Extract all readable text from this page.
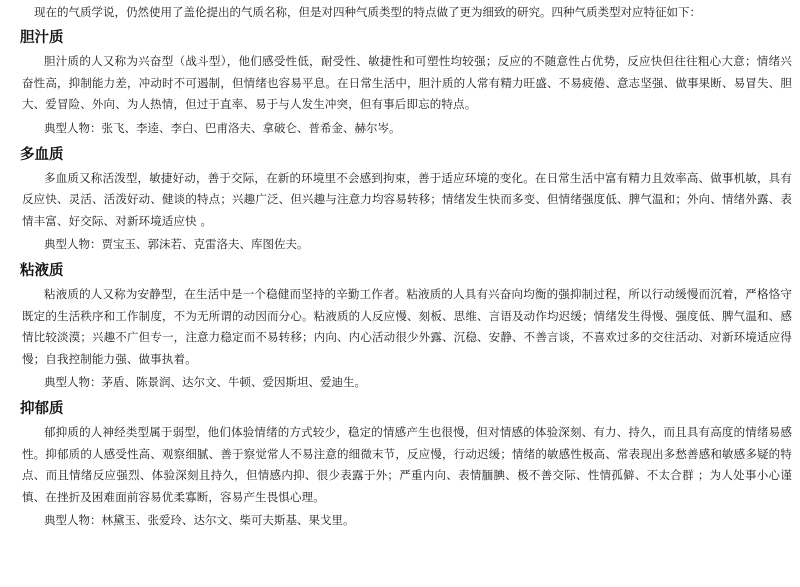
现在的气质学说，仍然使用了盖伦提出的气质名称，但是对四种气质类型的特点做了更为细致的研究。四种气质类型对应特征如下：

胆汁质

胆汁质的人又称为兴奋型（战斗型），他们感受性低，耐受性、敏捷性和可塑性均较强；反应的不随意性占优势，反应快但往往粗心大意；情绪兴奋性高，抑制能力差，冲动时不可遏制，但情绪也容易平息。在日常生活中，胆汁质的人常有精力旺盛、不易疲倦、意志坚强、做事果断、易冒失、胆大、爱冒险、外向、为人热情，但过于直率、易于与人发生冲突，但有事后即忘的特点。

典型人物：张飞、李逵、李白、巴甫洛夫、拿破仑、普希金、赫尔岑。

多血质

多血质又称活泼型，敏捷好动，善于交际，在新的环境里不会感到拘束，善于适应环境的变化。在日常生活中富有精力且效率高、做事机敏，具有反应快、灵活、活泼好动、健谈的特点；兴趣广泛、但兴趣与注意力均容易转移；情绪发生快而多变、但情绪强度低、脾气温和；外向、情绪外露、表情丰富、好交际、对新环境适应快 。

典型人物：贾宝玉、郭沫若、克雷洛夫、库图佐夫。

粘液质

粘液质的人又称为安静型，在生活中是一个稳健而坚持的辛勤工作者。粘液质的人具有兴奋向均衡的强抑制过程，所以行动缓慢而沉着，严格恪守既定的生活秩序和工作制度，不为无所谓的动因而分心。粘液质的人反应慢、刻板、思维、言语及动作均迟缓；情绪发生得慢、强度低、脾气温和、感情比较淡漠；兴趣不广但专一，注意力稳定而不易转移；内向、内心活动很少外露、沉稳、安静、不善言谈，不喜欢过多的交往活动、对新环境适应得慢；自我控制能力强、做事执着。

典型人物：茅盾、陈景润、达尔文、牛顿、爱因斯坦、爱迪生。

抑郁质

郁抑质的人神经类型属于弱型，他们体验情绪的方式较少，稳定的情感产生也很慢，但对情感的体验深刻、有力、持久，而且具有高度的情绪易感性。抑郁质的人感受性高、观察细腻、善于察觉常人不易注意的细微末节，反应慢，行动迟缓；情绪的敏感性极高、常表现出多愁善感和敏感多疑的特点、而且情绪反应强烈、体验深刻且持久，但情感内抑、很少表露于外；严重内向、表情腼腆、极不善交际、性情孤僻、不太合群 ；为人处事小心谨慎、在挫折及困难面前容易优柔寡断，容易产生畏惧心理。

典型人物：林黛玉、张爱玲、达尔文、柴可夫斯基、果戈里。
